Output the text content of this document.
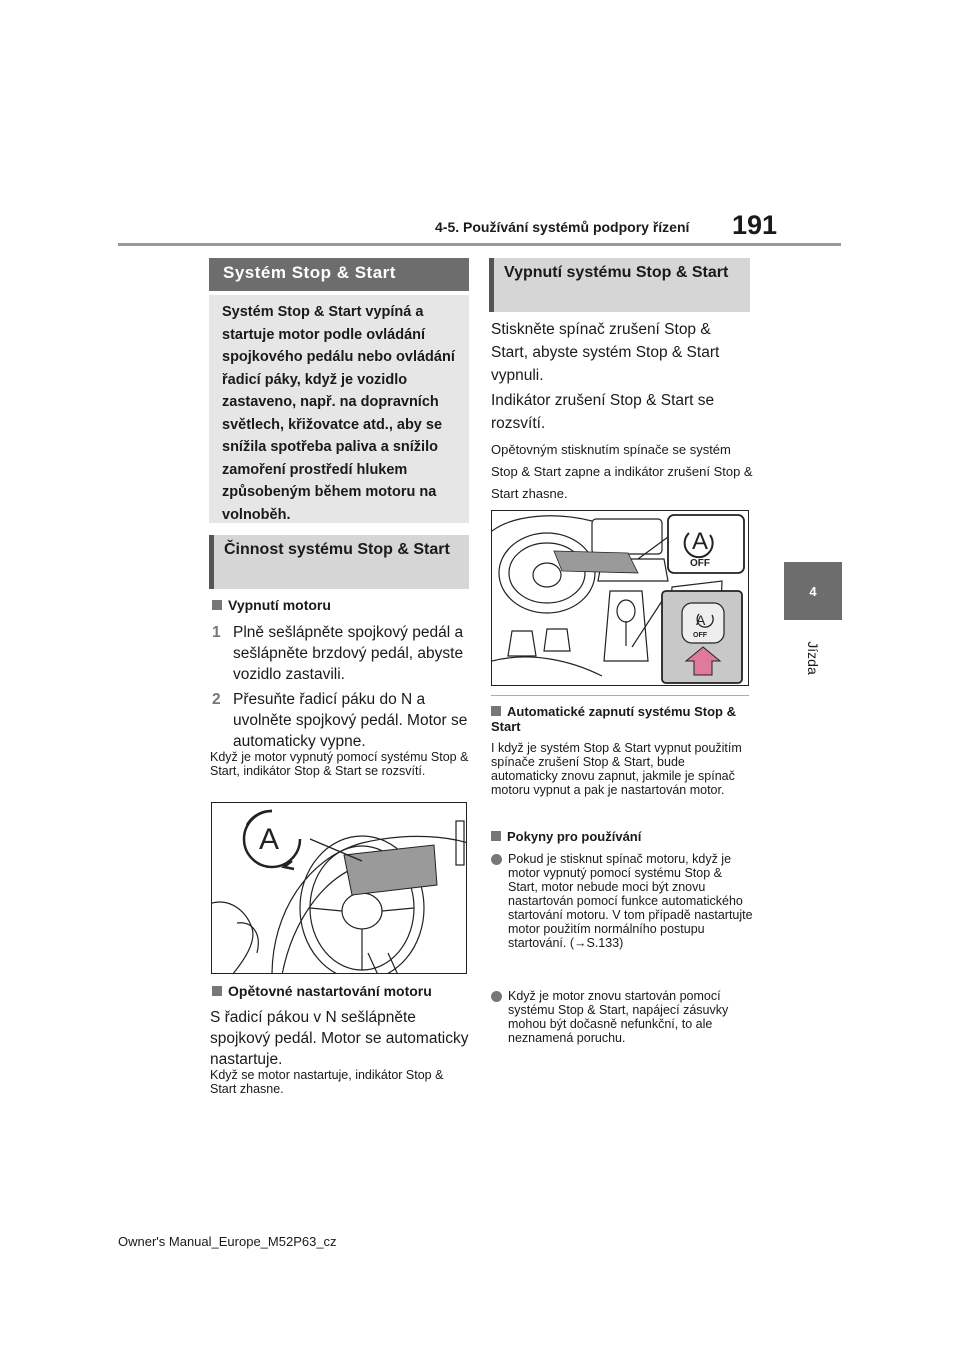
4-5. Používání systémů podpory řízení 191
4
Jízda
Systém Stop & Start
Systém Stop & Start vypíná a startuje motor podle ovládání spojkového pedálu nebo ovládání řadicí páky, když je vozidlo zastaveno, např. na dopravních světlech, křižovatce atd., aby se snížila spotřeba paliva a snížilo zamoření prostředí hlukem způsobeným během motoru na volnoběh.
Činnost systému Stop & Start
Vypnutí motoru
1 Plně sešlápněte spojkový pedál a sešlápněte brzdový pedál, abyste vozidlo zastavili.
2 Přesuňte řadicí páku do N a uvolněte spojkový pedál. Motor se automaticky vypne.
Když je motor vypnutý pomocí systému Stop & Start, indikátor Stop & Start se rozsvítí.
A
Opětovné nastartování motoru
S řadicí pákou v N sešlápněte spojkový pedál. Motor se automaticky nastartuje.
Když se motor nastartuje, indikátor Stop & Start zhasne.
Vypnutí systému Stop & Start
Stiskněte spínač zrušení Stop & Start, abyste systém Stop & Start vypnuli.
Indikátor zrušení Stop & Start se rozsvítí.
Opětovným stisknutím spínače se systém Stop & Start zapne a indikátor zrušení Stop & Start zhasne.
A
OFF
A
OFF
Automatické zapnutí systému Stop & Start
I když je systém Stop & Start vypnut použitím spínače zrušení Stop & Start, bude automaticky znovu zapnut, jakmile je spínač motoru vypnut a pak je nastartován motor.
Pokyny pro používání
Pokud je stisknut spínač motoru, když je motor vypnutý pomocí systému Stop & Start, motor nebude moci být znovu nastartován pomocí funkce automatického startování motoru. V tom případě nastartujte motor použitím normálního postupu startování. (→S.133)
Když je motor znovu startován pomocí systému Stop & Start, napájecí zásuvky mohou být dočasně nefunkční, to ale neznamená poruchu.
Owner's Manual_Europe_M52P63_cz
